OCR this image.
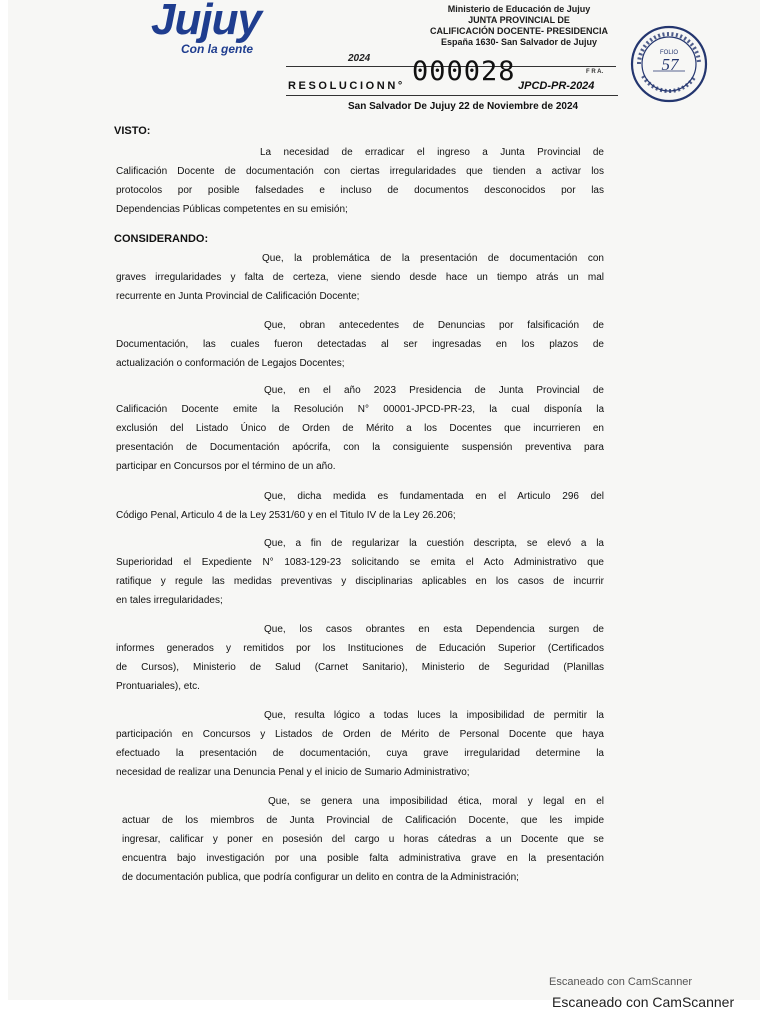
Jujuy
Con la gente
Ministerio de Educación de Jujuy
JUNTA PROVINCIAL DE
CALIFICACIÓN DOCENTE- PRESIDENCIA
España 1630- San Salvador de Jujuy
2024
F R A.
RESOLUCIONN° 000028 JPCD-PR-2024
FOLIO
57
San Salvador De Jujuy 22 de Noviembre de 2024
VISTO:
La necesidad de erradicar el ingreso a Junta Provincial de
Calificación Docente de documentación con ciertas irregularidades que tienden a activar los
protocolos por posible falsedades e incluso de documentos desconocidos por las
Dependencias Públicas competentes en su emisión;
CONSIDERANDO:
Que, la problemática de la presentación de documentación con
graves irregularidades y falta de certeza, viene siendo desde hace un tiempo atrás un mal
recurrente en Junta Provincial de Calificación Docente;
Que, obran antecedentes de Denuncias por falsificación de
Documentación, las cuales fueron detectadas al ser ingresadas en los plazos de
actualización o conformación de Legajos Docentes;
Que, en el año 2023 Presidencia de Junta Provincial de
Calificación Docente emite la Resolución N° 00001-JPCD-PR-23, la cual disponía la
exclusión del Listado Único de Orden de Mérito a los Docentes que incurrieren en
presentación de Documentación apócrifa, con la consiguiente suspensión preventiva para
participar en Concursos por el término de un año.
Que, dicha medida es fundamentada en el Articulo 296 del
Código Penal, Articulo 4 de la Ley 2531/60 y en el Titulo IV de la Ley 26.206;
Que, a fin de regularizar la cuestión descripta, se elevó a la
Superioridad el Expediente N° 1083-129-23 solicitando se emita el Acto Administrativo que
ratifique y regule las medidas preventivas y disciplinarias aplicables en los casos de incurrir
en tales irregularidades;
Que, los casos obrantes en esta Dependencia surgen de
informes generados y remitidos por los Instituciones de Educación Superior (Certificados
de Cursos), Ministerio de Salud (Carnet Sanitario), Ministerio de Seguridad (Planillas
Prontuariales), etc.
Que, resulta lógico a todas luces la imposibilidad de permitir la
participación en Concursos y Listados de Orden de Mérito de Personal Docente que haya
efectuado la presentación de documentación, cuya grave irregularidad determine la
necesidad de realizar una Denuncia Penal y el inicio de Sumario Administrativo;
Que, se genera una imposibilidad ética, moral y legal en el
actuar de los miembros de Junta Provincial de Calificación Docente, que les impide
ingresar, calificar y poner en posesión del cargo u horas cátedras a un Docente que se
encuentra bajo investigación por una posible falta administrativa grave en la presentación
de documentación publica, que podría configurar un delito en contra de la Administración;
Escaneado con CamScanner
Escaneado con CamScanner
